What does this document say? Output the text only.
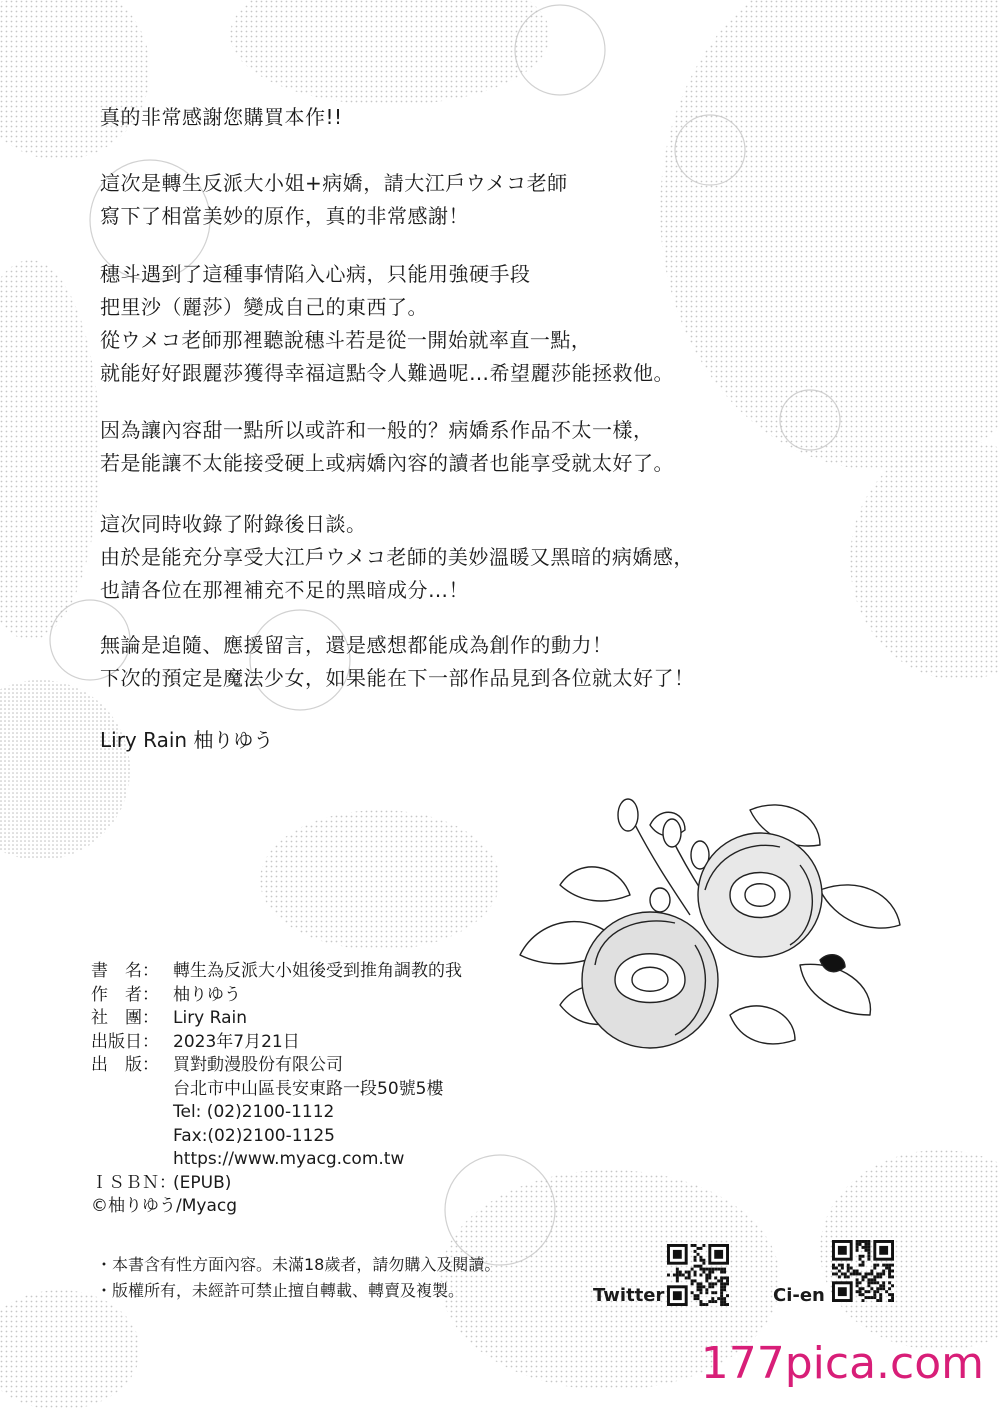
真的非常感謝您購買本作!!
這次是轉生反派大小姐+病嬌，請大江戶ウメコ老師
寫下了相當美妙的原作，真的非常感謝！
穗斗遇到了這種事情陷入心病，只能用強硬手段
把里沙（麗莎）變成自己的東西了。
從ウメコ老師那裡聽說穗斗若是從一開始就率直一點，
就能好好跟麗莎獲得幸福這點令人難過呢…希望麗莎能拯救他。
因為讓內容甜一點所以或許和一般的？病嬌系作品不太一樣，
若是能讓不太能接受硬上或病嬌內容的讀者也能享受就太好了。
這次同時收錄了附錄後日談。
由於是能充分享受大江戶ウメコ老師的美妙溫暖又黑暗的病嬌感，
也請各位在那裡補充不足的黑暗成分…！
無論是追隨、應援留言，還是感想都能成為創作的動力！
下次的預定是魔法少女，如果能在下一部作品見到各位就太好了！
Liry Rain 柚りゆう
書　名： 轉生為反派大小姐後受到推角調教的我
作　者： 柚りゆう
社　團： Liry Rain
出版日： 2023年7月21日
出　版： 買對動漫股份有限公司
台北市中山區長安東路一段50號5樓
Tel: (02)2100-1112
Fax:(02)2100-1125
https://www.myacg.com.tw
ＩＳＢＮ：
(EPUB)
©柚りゆう/Myacg
・本書含有性方面內容。未滿18歲者，請勿購入及閱讀。
・版權所有，未經許可禁止擅自轉載、轉賣及複製。	Twitter	Ci-en
177pica.com
